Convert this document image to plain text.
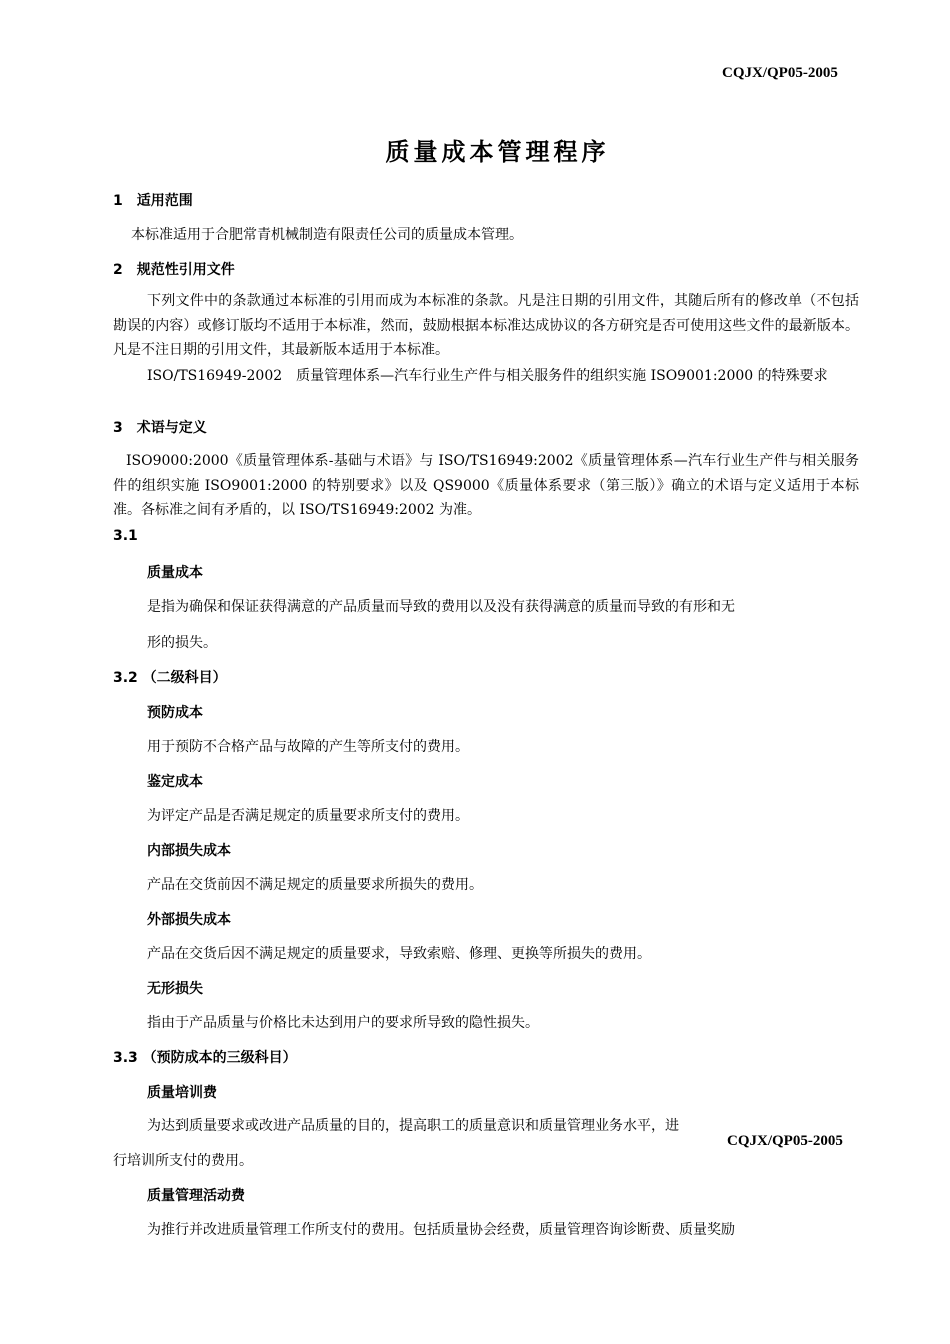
CQJX/QP05-2005
质量成本管理程序
1　适用范围
本标准适用于合肥常青机械制造有限责任公司的质量成本管理。
2　规范性引用文件
下列文件中的条款通过本标准的引用而成为本标准的条款。凡是注日期的引用文件，其随后所有的修改单（不包括勘误的内容）或修订版均不适用于本标准，然而，鼓励根据本标准达成协议的各方研究是否可使用这些文件的最新版本。凡是不注日期的引用文件，其最新版本适用于本标准。
ISO/TS16949-2002　质量管理体系—汽车行业生产件与相关服务件的组织实施 ISO9001:2000 的特殊要求
3　术语与定义
ISO9000:2000《质量管理体系-基础与术语》与 ISO/TS16949:2002《质量管理体系—汽车行业生产件与相关服务件的组织实施 ISO9001:2000 的特别要求》以及 QS9000《质量体系要求（第三版）》确立的术语与定义适用于本标准。各标准之间有矛盾的，以 ISO/TS16949:2002 为准。
3.1
质量成本
是指为确保和保证获得满意的产品质量而导致的费用以及没有获得满意的质量而导致的有形和无
形的损失。
3.2 （二级科目）
预防成本
用于预防不合格产品与故障的产生等所支付的费用。
鉴定成本
为评定产品是否满足规定的质量要求所支付的费用。
内部损失成本
产品在交货前因不满足规定的质量要求所损失的费用。
外部损失成本
产品在交货后因不满足规定的质量要求，导致索赔、修理、更换等所损失的费用。
无形损失
指由于产品质量与价格比未达到用户的要求所导致的隐性损失。
3.3 （预防成本的三级科目）
质量培训费
为达到质量要求或改进产品质量的目的，提高职工的质量意识和质量管理业务水平，进
行培训所支付的费用。
CQJX/QP05-2005
质量管理活动费
为推行并改进质量管理工作所支付的费用。包括质量协会经费，质量管理咨询诊断费、质量奖励
